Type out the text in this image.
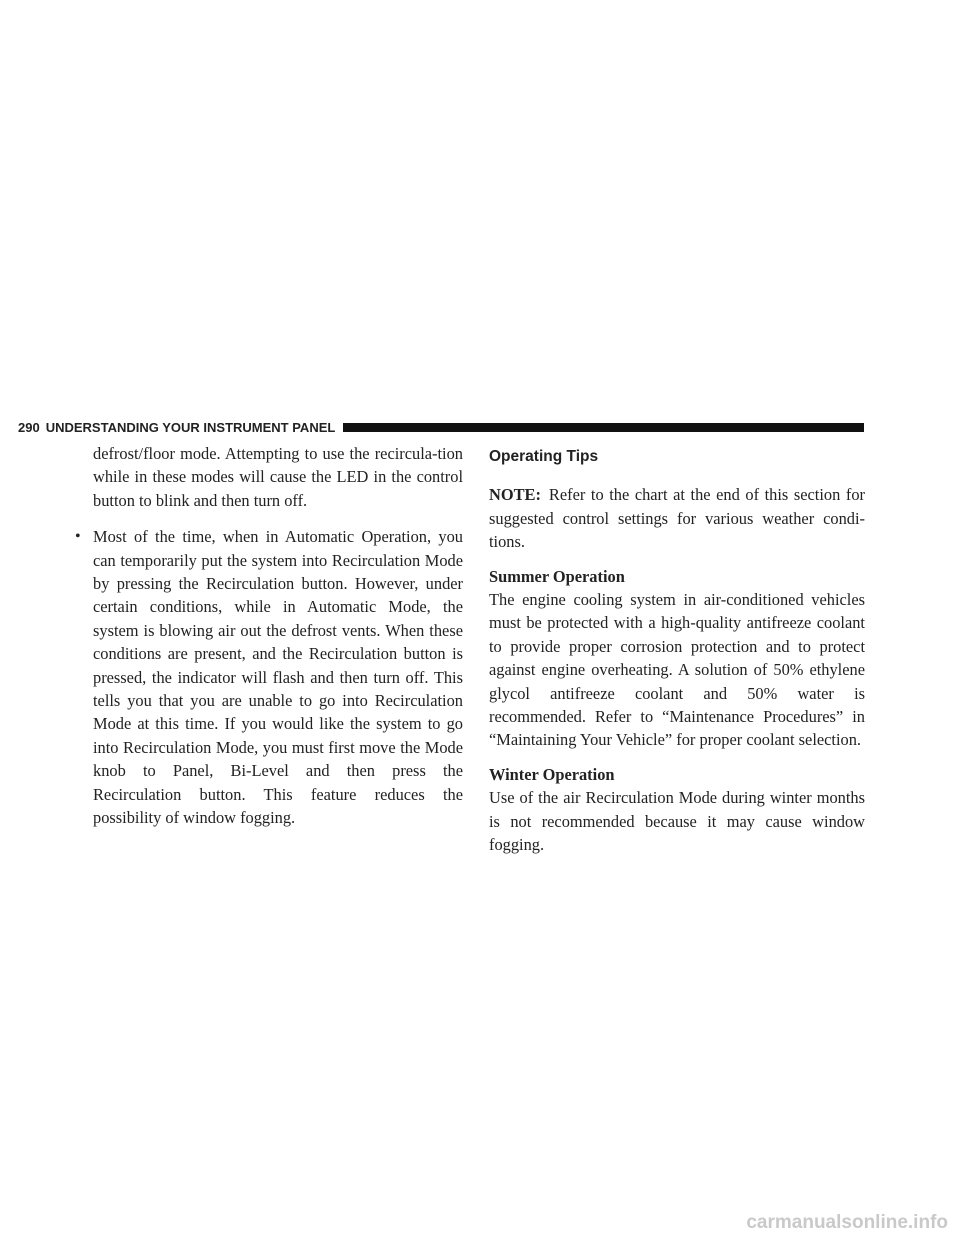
290 UNDERSTANDING YOUR INSTRUMENT PANEL

defrost/floor mode. Attempting to use the recircula-tion while in these modes will cause the LED in the control button to blink and then turn off.

• Most of the time, when in Automatic Operation, you can temporarily put the system into Recirculation Mode by pressing the Recirculation button. However, under certain conditions, while in Automatic Mode, the system is blowing air out the defrost vents. When these conditions are present, and the Recirculation button is pressed, the indicator will flash and then turn off. This tells you that you are unable to go into Recirculation Mode at this time. If you would like the system to go into Recirculation Mode, you must first move the Mode knob to Panel, Bi-Level and then press the Recirculation button. This feature reduces the possibility of window fogging.

Operating Tips

NOTE: Refer to the chart at the end of this section for suggested control settings for various weather condi-tions.

Summer Operation

The engine cooling system in air-conditioned vehicles must be protected with a high-quality antifreeze coolant to provide proper corrosion protection and to protect against engine overheating. A solution of 50% ethylene glycol antifreeze coolant and 50% water is recommended. Refer to “Maintenance Procedures” in “Maintaining Your Vehicle” for proper coolant selection.

Winter Operation

Use of the air Recirculation Mode during winter months is not recommended because it may cause window fogging.

carmanualsonline.info
